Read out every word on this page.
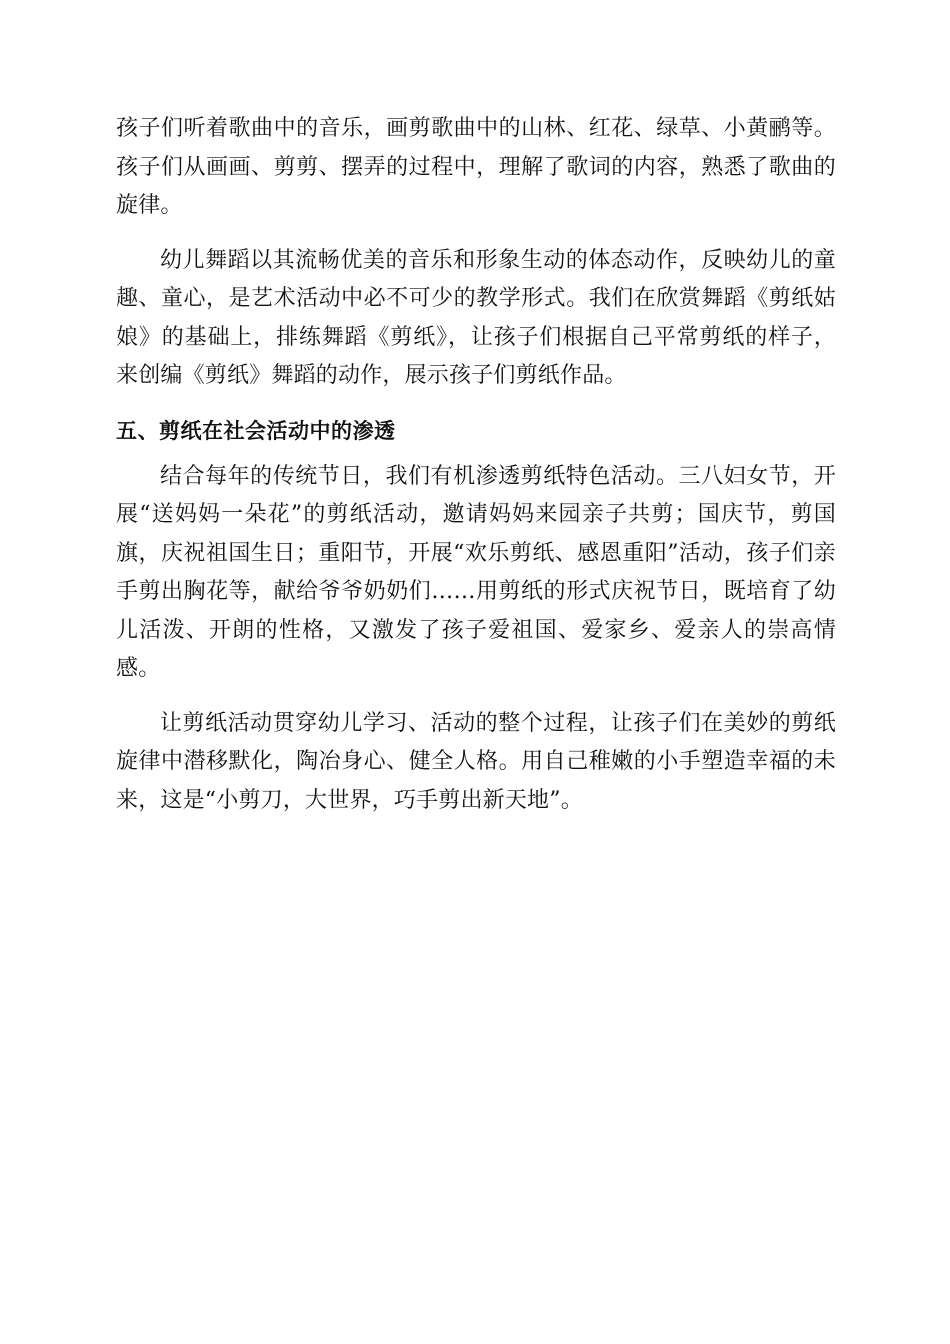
孩子们听着歌曲中的音乐，画剪歌曲中的山林、红花、绿草、小黄鹂等。孩子们从画画、剪剪、摆弄的过程中，理解了歌词的内容，熟悉了歌曲的旋律。

幼儿舞蹈以其流畅优美的音乐和形象生动的体态动作，反映幼儿的童趣、童心，是艺术活动中必不可少的教学形式。我们在欣赏舞蹈《剪纸姑娘》的基础上，排练舞蹈《剪纸》，让孩子们根据自己平常剪纸的样子，来创编《剪纸》舞蹈的动作，展示孩子们剪纸作品。

五、剪纸在社会活动中的渗透

结合每年的传统节日，我们有机渗透剪纸特色活动。三八妇女节，开展“送妈妈一朵花”的剪纸活动，邀请妈妈来园亲子共剪；国庆节，剪国旗，庆祝祖国生日；重阳节，开展“欢乐剪纸、感恩重阳”活动，孩子们亲手剪出胸花等，献给爷爷奶奶们……用剪纸的形式庆祝节日，既培育了幼儿活泼、开朗的性格，又激发了孩子爱祖国、爱家乡、爱亲人的崇高情感。

让剪纸活动贯穿幼儿学习、活动的整个过程，让孩子们在美妙的剪纸旋律中潜移默化，陶冶身心、健全人格。用自己稚嫩的小手塑造幸福的未来，这是“小剪刀，大世界，巧手剪出新天地”。
